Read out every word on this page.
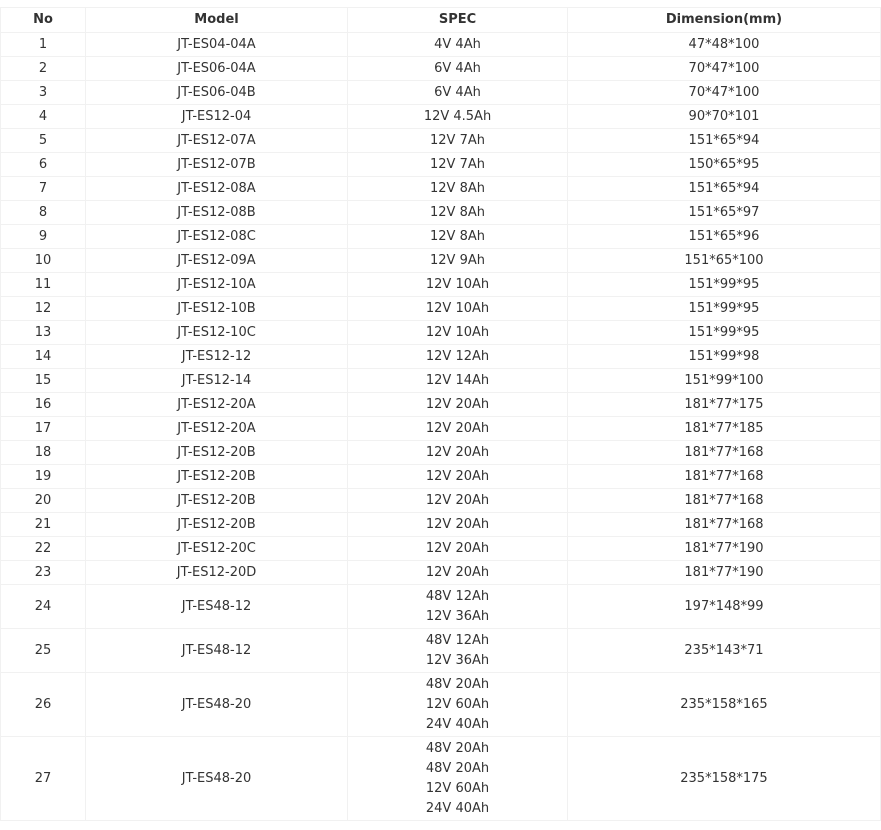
No	Model	SPEC	Dimension(mm)
1	JT-ES04-04A	4V 4Ah	47*48*100
2	JT-ES06-04A	6V 4Ah	70*47*100
3	JT-ES06-04B	6V 4Ah	70*47*100
4	JT-ES12-04	12V 4.5Ah	90*70*101
5	JT-ES12-07A	12V 7Ah	151*65*94
6	JT-ES12-07B	12V 7Ah	150*65*95
7	JT-ES12-08A	12V 8Ah	151*65*94
8	JT-ES12-08B	12V 8Ah	151*65*97
9	JT-ES12-08C	12V 8Ah	151*65*96
10	JT-ES12-09A	12V 9Ah	151*65*100
11	JT-ES12-10A	12V 10Ah	151*99*95
12	JT-ES12-10B	12V 10Ah	151*99*95
13	JT-ES12-10C	12V 10Ah	151*99*95
14	JT-ES12-12	12V 12Ah	151*99*98
15	JT-ES12-14	12V 14Ah	151*99*100
16	JT-ES12-20A	12V 20Ah	181*77*175
17	JT-ES12-20A	12V 20Ah	181*77*185
18	JT-ES12-20B	12V 20Ah	181*77*168
19	JT-ES12-20B	12V 20Ah	181*77*168
20	JT-ES12-20B	12V 20Ah	181*77*168
21	JT-ES12-20B	12V 20Ah	181*77*168
22	JT-ES12-20C	12V 20Ah	181*77*190
23	JT-ES12-20D	12V 20Ah	181*77*190
24	JT-ES48-12	48V 12Ah
12V 36Ah	197*148*99
25	JT-ES48-12	48V 12Ah
12V 36Ah	235*143*71
26	JT-ES48-20	48V 20Ah
12V 60Ah
24V 40Ah	235*158*165
27	JT-ES48-20	48V 20Ah
48V 20Ah
12V 60Ah
24V 40Ah	235*158*175
